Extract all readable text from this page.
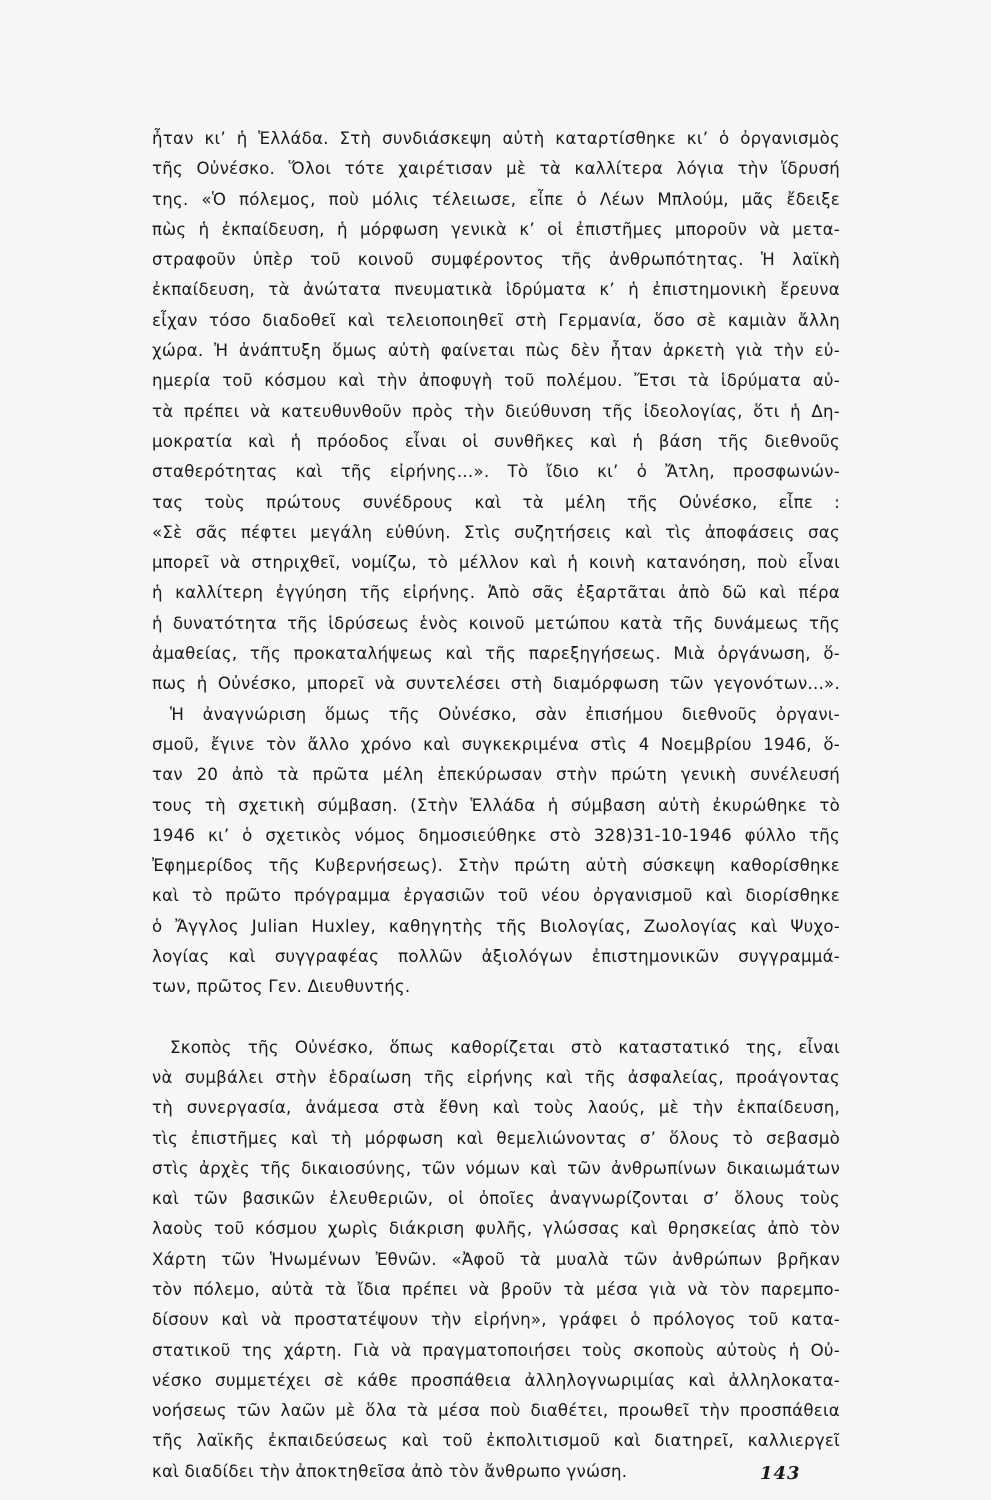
ἦταν κι’ ἡ Ἑλλάδα. Στὴ συνδιάσκεψη αὐτὴ καταρτίσθηκε κι’ ὁ ὀργανισμὸς
τῆς Οὐνέσκο. Ὅλοι τότε χαιρέτισαν μὲ τὰ καλλίτερα λόγια τὴν ἵδρυσή
της. «Ὁ πόλεμος, ποὺ μόλις τέλειωσε, εἶπε ὁ Λέων Μπλούμ, μᾶς ἔδειξε
πὼς ἡ ἐκπαίδευση, ἡ μόρφωση γενικὰ κ’ οἱ ἐπιστῆμες μποροῦν νὰ μετα-
στραφοῦν ὑπὲρ τοῦ κοινοῦ συμφέροντος τῆς ἀνθρωπότητας. Ἡ λαϊκὴ
ἐκπαίδευση, τὰ ἀνώτατα πνευματικὰ ἱδρύματα κ’ ἡ ἐπιστημονικὴ ἔρευνα
εἶχαν τόσο διαδοθεῖ καὶ τελειοποιηθεῖ στὴ Γερμανία, ὅσο σὲ καμιὰν ἄλλη
χώρα. Ἡ ἀνάπτυξη ὅμως αὐτὴ φαίνεται πὼς δὲν ἦταν ἀρκετὴ γιὰ τὴν εὐ-
ημερία τοῦ κόσμου καὶ τὴν ἀποφυγὴ τοῦ πολέμου. Ἔτσι τὰ ἱδρύματα αὐ-
τὰ πρέπει νὰ κατευθυνθοῦν πρὸς τὴν διεύθυνση τῆς ἰδεολογίας, ὅτι ἡ Δη-
μοκρατία καὶ ἡ πρόοδος εἶναι οἱ συνθῆκες καὶ ἡ βάση τῆς διεθνοῦς
σταθερότητας καὶ τῆς εἰρήνης...». Τὸ ἴδιο κι’ ὁ Ἄτλη, προσφωνών-
τας τοὺς πρώτους συνέδρους καὶ τὰ μέλη τῆς Οὐνέσκο, εἶπε :
«Σὲ σᾶς πέφτει μεγάλη εὐθύνη. Στὶς συζητήσεις καὶ τὶς ἀποφάσεις σας
μπορεῖ νὰ στηριχθεῖ, νομίζω, τὸ μέλλον καὶ ἡ κοινὴ κατανόηση, ποὺ εἶναι
ἡ καλλίτερη ἐγγύηση τῆς εἰρήνης. Ἀπὸ σᾶς ἐξαρτᾶται ἀπὸ δῶ καὶ πέρα
ἡ δυνατότητα τῆς ἱδρύσεως ἑνὸς κοινοῦ μετώπου κατὰ τῆς δυνάμεως τῆς
ἀμαθείας, τῆς προκαταλήψεως καὶ τῆς παρεξηγήσεως. Μιὰ ὀργάνωση, ὅ-
πως ἡ Οὐνέσκο, μπορεῖ νὰ συντελέσει στὴ διαμόρφωση τῶν γεγονότων...».
Ἡ ἀναγνώριση ὅμως τῆς Οὐνέσκο, σὰν ἐπισήμου διεθνοῦς ὀργανι-
σμοῦ, ἔγινε τὸν ἄλλο χρόνο καὶ συγκεκριμένα στὶς 4 Νοεμβρίου 1946, ὅ-
ταν 20 ἀπὸ τὰ πρῶτα μέλη ἐπεκύρωσαν στὴν πρώτη γενικὴ συνέλευσή
τους τὴ σχετικὴ σύμβαση. (Στὴν Ἑλλάδα ἡ σύμβαση αὐτὴ ἐκυρώθηκε τὸ
1946 κι’ ὁ σχετικὸς νόμος δημοσιεύθηκε στὸ 328)31-10-1946 φύλλο τῆς
Ἐφημερίδος τῆς Κυβερνήσεως). Στὴν πρώτη αὐτὴ σύσκεψη καθορίσθηκε
καὶ τὸ πρῶτο πρόγραμμα ἐργασιῶν τοῦ νέου ὀργανισμοῦ καὶ διορίσθηκε
ὁ Ἄγγλος Julian Huxley, καθηγητὴς τῆς Βιολογίας, Ζωολογίας καὶ Ψυχο-
λογίας καὶ συγγραφέας πολλῶν ἀξιολόγων ἐπιστημονικῶν συγγραμμά-
των, πρῶτος Γεν. Διευθυντής.
Σκοπὸς τῆς Οὐνέσκο, ὅπως καθορίζεται στὸ καταστατικό της, εἶναι
νὰ συμβάλει στὴν ἑδραίωση τῆς εἰρήνης καὶ τῆς ἀσφαλείας, προάγοντας
τὴ συνεργασία, ἀνάμεσα στὰ ἔθνη καὶ τοὺς λαούς, μὲ τὴν ἐκπαίδευση,
τὶς ἐπιστῆμες καὶ τὴ μόρφωση καὶ θεμελιώνοντας σ’ ὅλους τὸ σεβασμὸ
στὶς ἀρχὲς τῆς δικαιοσύνης, τῶν νόμων καὶ τῶν ἀνθρωπίνων δικαιωμάτων
καὶ τῶν βασικῶν ἐλευθεριῶν, οἱ ὁποῖες ἀναγνωρίζονται σ’ ὅλους τοὺς
λαοὺς τοῦ κόσμου χωρὶς διάκριση φυλῆς, γλώσσας καὶ θρησκείας ἀπὸ τὸν
Χάρτη τῶν Ἡνωμένων Ἐθνῶν. «Ἀφοῦ τὰ μυαλὰ τῶν ἀνθρώπων βρῆκαν
τὸν πόλεμο, αὐτὰ τὰ ἴδια πρέπει νὰ βροῦν τὰ μέσα γιὰ νὰ τὸν παρεμπο-
δίσουν καὶ νὰ προστατέψουν τὴν εἰρήνη», γράφει ὁ πρόλογος τοῦ κατα-
στατικοῦ της χάρτη. Γιὰ νὰ πραγματοποιήσει τοὺς σκοποὺς αὐτοὺς ἡ Οὐ-
νέσκο συμμετέχει σὲ κάθε προσπάθεια ἀλληλογνωριμίας καὶ ἀλληλοκατα-
νοήσεως τῶν λαῶν μὲ ὅλα τὰ μέσα ποὺ διαθέτει, προωθεῖ τὴν προσπάθεια
τῆς λαϊκῆς ἐκπαιδεύσεως καὶ τοῦ ἐκπολιτισμοῦ καὶ διατηρεῖ, καλλιεργεῖ
καὶ διαδίδει τὴν ἀποκτηθεῖσα ἀπὸ τὸν ἄνθρωπο γνώση.	143
